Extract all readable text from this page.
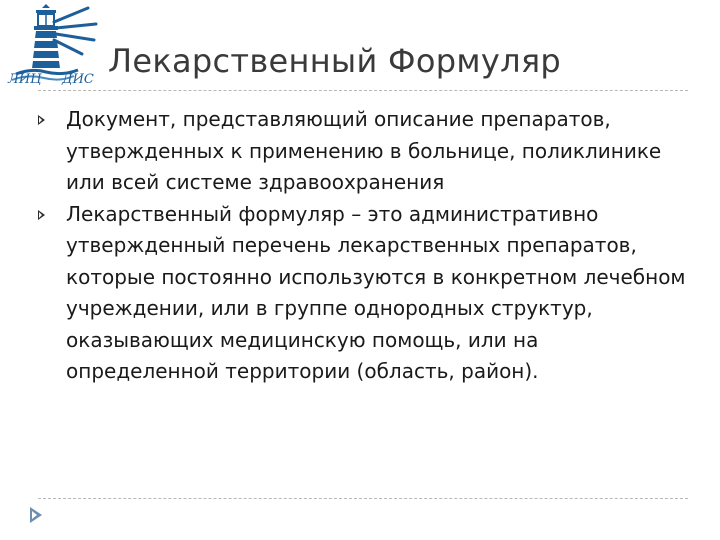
ЛИЦ ДИС Лекарственный Формуляр
Документ, представляющий описание препаратов, утвержденных к применению в больнице, поликлинике или всей системе здравоохранения
Лекарственный формуляр – это административно утвержденный перечень лекарственных препаратов, которые постоянно используются в конкретном лечебном учреждении, или в группе однородных структур, оказывающих медицинскую помощь, или на определенной территории (область, район).
